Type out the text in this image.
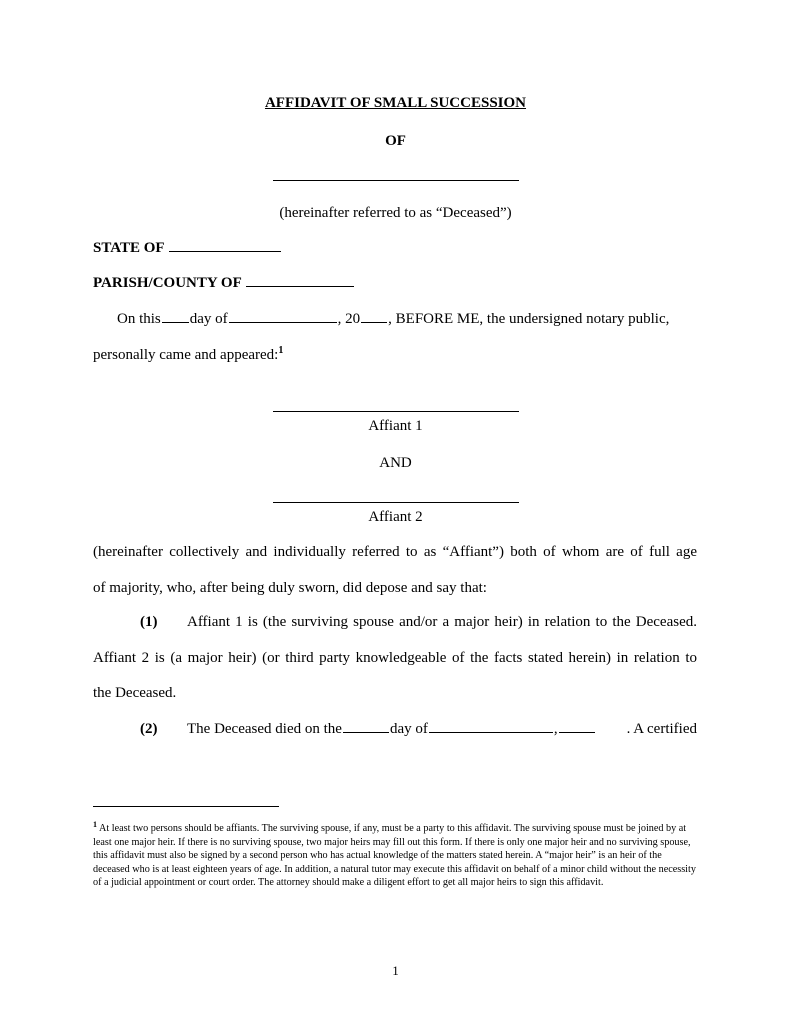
AFFIDAVIT OF SMALL SUCCESSION
OF
(hereinafter referred to as “Deceased”)
STATE OF
PARISH/COUNTY OF
On this day of	, 20 , BEFORE ME, the undersigned notary public,
personally came and appeared:$^1$
Affiant 1
AND
Affiant 2
(hereinafter collectively and individually referred to as “Affiant”) both of whom are of full age
of majority, who, after being duly sworn, did depose and say that:
(1) Affiant 1 is (the surviving spouse and/or a major heir) in relation to the Deceased.
Affiant 2 is (a major heir) (or third party knowledgeable of the facts stated herein) in relation to
the Deceased.
(2) The Deceased died on the	day of	,	. A certified
$^1$ At least two persons should be affiants. The surviving spouse, if any, must be a party to this affidavit. The surviving spouse must be joined by at least one major heir. If there is no surviving spouse, two major heirs may fill out this form. If there is only one major heir and no surviving spouse, this affidavit must also be signed by a second person who has actual knowledge of the matters stated herein. A “major heir” is an heir of the deceased who is at least eighteen years of age. In addition, a natural tutor may execute this affidavit on behalf of a minor child without the necessity of a judicial appointment or court order. The attorney should make a diligent effort to get all major heirs to sign this affidavit.
1
